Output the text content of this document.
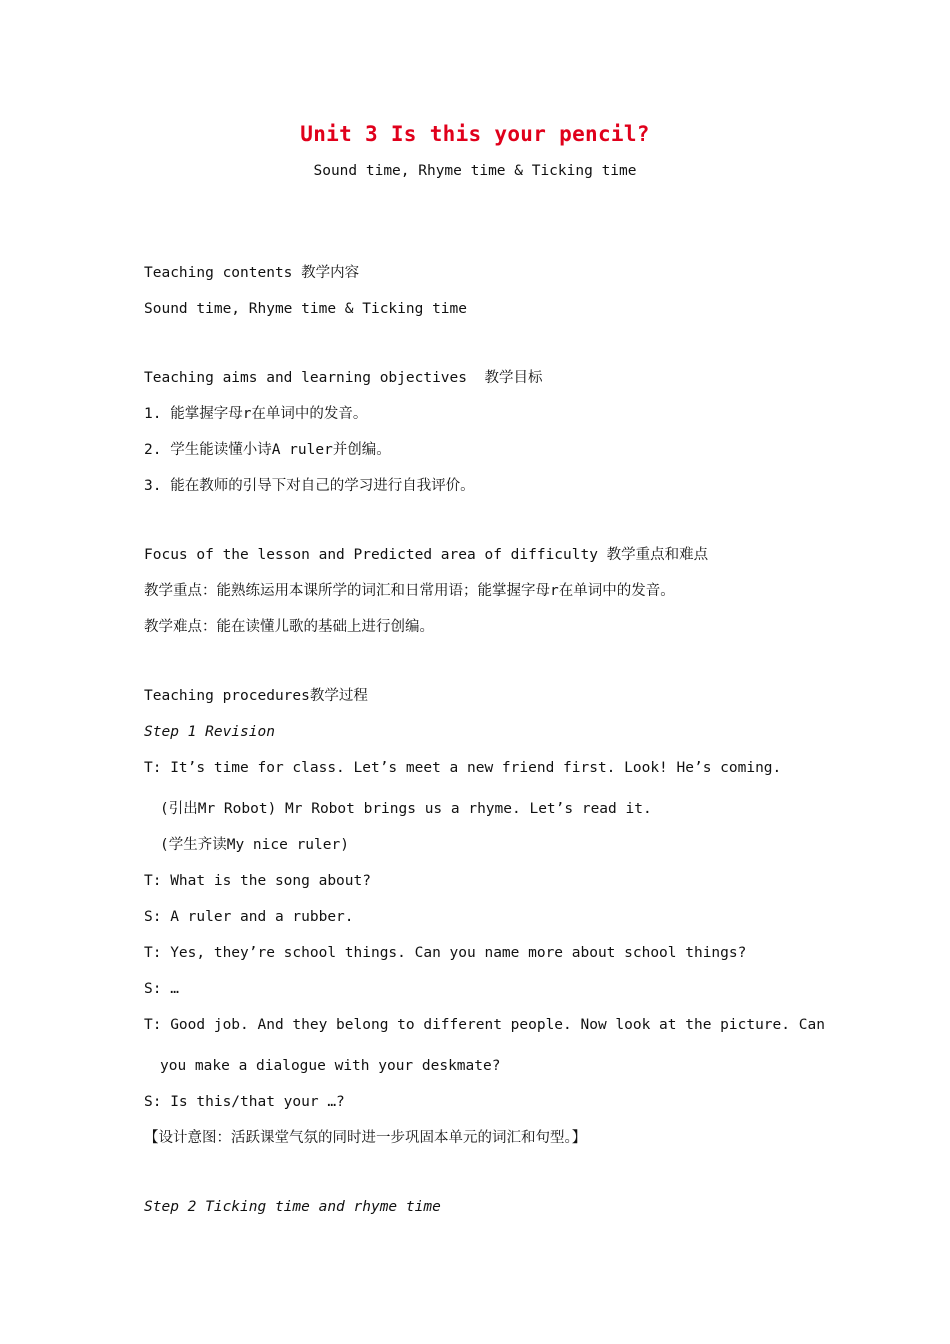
Unit 3 Is this your pencil?
Sound time, Rhyme time & Ticking time
Teaching contents 教学内容
Sound time, Rhyme time & Ticking time
Teaching aims and learning objectives  教学目标
1. 能掌握字母r在单词中的发音。
2. 学生能读懂小诗A ruler并创编。
3. 能在教师的引导下对自己的学习进行自我评价。
Focus of the lesson and Predicted area of difficulty 教学重点和难点
教学重点：能熟练运用本课所学的词汇和日常用语；能掌握字母r在单词中的发音。
教学难点：能在读懂儿歌的基础上进行创编。
Teaching procedures教学过程
Step 1 Revision
T: It’s time for class. Let’s meet a new friend first. Look! He’s coming.
(引出Mr Robot) Mr Robot brings us a rhyme. Let’s read it.
(学生齐读My nice ruler)
T: What is the song about?
S: A ruler and a rubber.
T: Yes, they’re school things. Can you name more about school things?
S: …
T: Good job. And they belong to different people. Now look at the picture. Can
you make a dialogue with your deskmate?
S: Is this/that your …?
【设计意图：活跃课堂气氛的同时进一步巩固本单元的词汇和句型。】
Step 2 Ticking time and rhyme time
